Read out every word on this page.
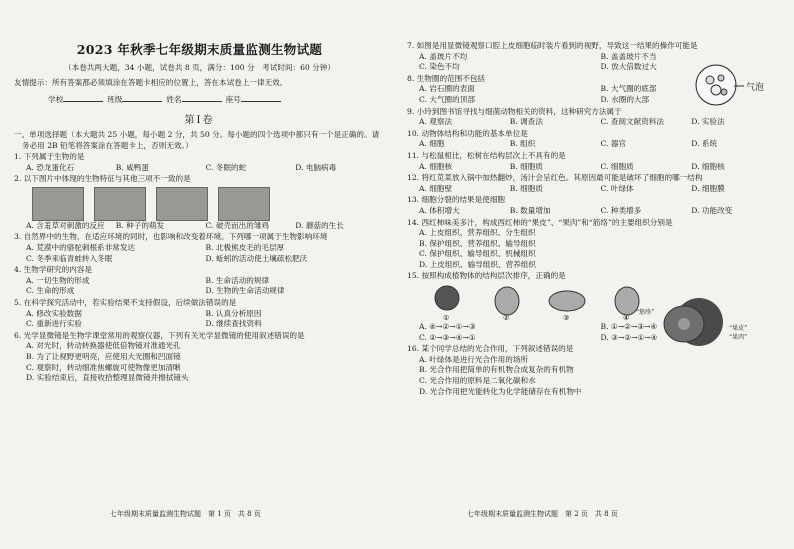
2023 年秋季七年级期末质量监测生物试题
（本卷共两大题，34 小题，试卷共 8 页，满分：100 分　考试时间：60 分钟）
友情提示：所有答案都必须填涂在答题卡相应的位置上，答在本试卷上一律无效。
学校	班级	姓名	座号
第Ⅰ卷
一、单项选择题（本大题共 25 小题，每小题 2 分，共 50 分。每小题的四个选项中都只有一个是正确的。请务必用 2B 铅笔将答案涂在答题卡上，否则无效。）
1. 下列属于生物的是
A. 恐龙蛋化石	B. 咸鸭蛋	C. 冬眠的蛇	D. 电脑病毒
2. 以下图片中体现的生物特征与其他三项不一致的是
A. 含羞草对刺激的反应	B. 种子的萌发	C. 破壳而出的雏鸡	D. 蘑菇的生长
3. 自然界中的生物，在适应环境的同时，也影响和改变着环境。下列哪一项属于生物影响环境
A. 荒漠中的骆驼刺根系非常发达	B. 北极熊皮毛的毛层厚
C. 冬季来临青蛙转入冬眠	D. 蚯蚓的活动使土壤疏松肥沃
4. 生物学研究的内容是
A. 一切生物的形成	B. 生命活动的规律
C. 生命的形成	D. 生物的生命活动规律
5. 在科学探究活动中，若实验结果不支持假设，后续做法错误的是
A. 修改实验数据	B. 认真分析原因
C. 重新进行实验	D. 继续查找资料
6. 光学显微镜是生物学课堂常用的观察仪器，下列有关光学显微镜的使用叙述错误的是
A. 对光时，转动转换器使低倍物镜对准通光孔
B. 为了让视野更明亮，应使用大光圈和凹面镜
C. 观察时，转动细准焦螺旋可使物像更加清晰
D. 实验结束后，直接收拾整理显微镜并擦拭镜头
七年级期末质量监测生物试题　第 1 页　共 8 页
7. 如图是用显微镜观察口腔上皮细胞临时装片看到的视野，导致这一结果的操作可能是
A. 盖玻片不均	B. 盖盖玻片不当
C. 染色不均	D. 放大倍数过大
8. 生物圈的范围不包括
A. 岩石圈的表面	B. 大气圈的底部
C. 大气圈的顶部	D. 水圈的大部
9. 小玲到图书馆寻找与细菌动物相关的资料，这种研究方法属于
A. 观察法	B. 调查法	C. 查阅文献资料法	D. 实验法
10. 动物体结构和功能的基本单位是
A. 细胞	B. 组织	C. 器官	D. 系统
11. 与松鼠相比，松树在结构层次上不具有的是
A. 细胞核	B. 细胞质	C. 细胞质	D. 细胞核
12. 将红苋菜放入锅中加热翻炒，汤汁会呈红色。其原因最可能是破坏了细胞的哪一结构
A. 细胞壁	B. 细胞质	C. 叶绿体	D. 细胞膜
13. 细胞分裂的结果是使细胞
A. 体积增大	B. 数量增加	C. 种类增多	D. 功能改变
14. 西红柿味美多汁，构成西红柿的“果皮”、“果肉”和“筋络”的主要组织分别是
A. 上皮组织、营养组织、分生组织
B. 保护组织、营养组织、输导组织
C. 保护组织、输导组织、机械组织
D. 上皮组织、输导组织、营养组织
15. 按照构成植物体的结构层次排序，正确的是
①	②	③	④
A. ④→②→①→③	B. ①→②→③→④
C. ②→③→④→①	D. ③→②→①→④
16. 某个同学总结的光合作用，下列叙述错误的是
A. 叶绿体是进行光合作用的场所
B. 光合作用把简单的有机物合成复杂的有机物
C. 光合作用的原料是二氧化碳和水
D. 光合作用把光能转化为化学能储存在有机物中
气泡
“筋络”
“果皮”
“果肉”
七年级期末质量监测生物试题　第 2 页　共 8 页
